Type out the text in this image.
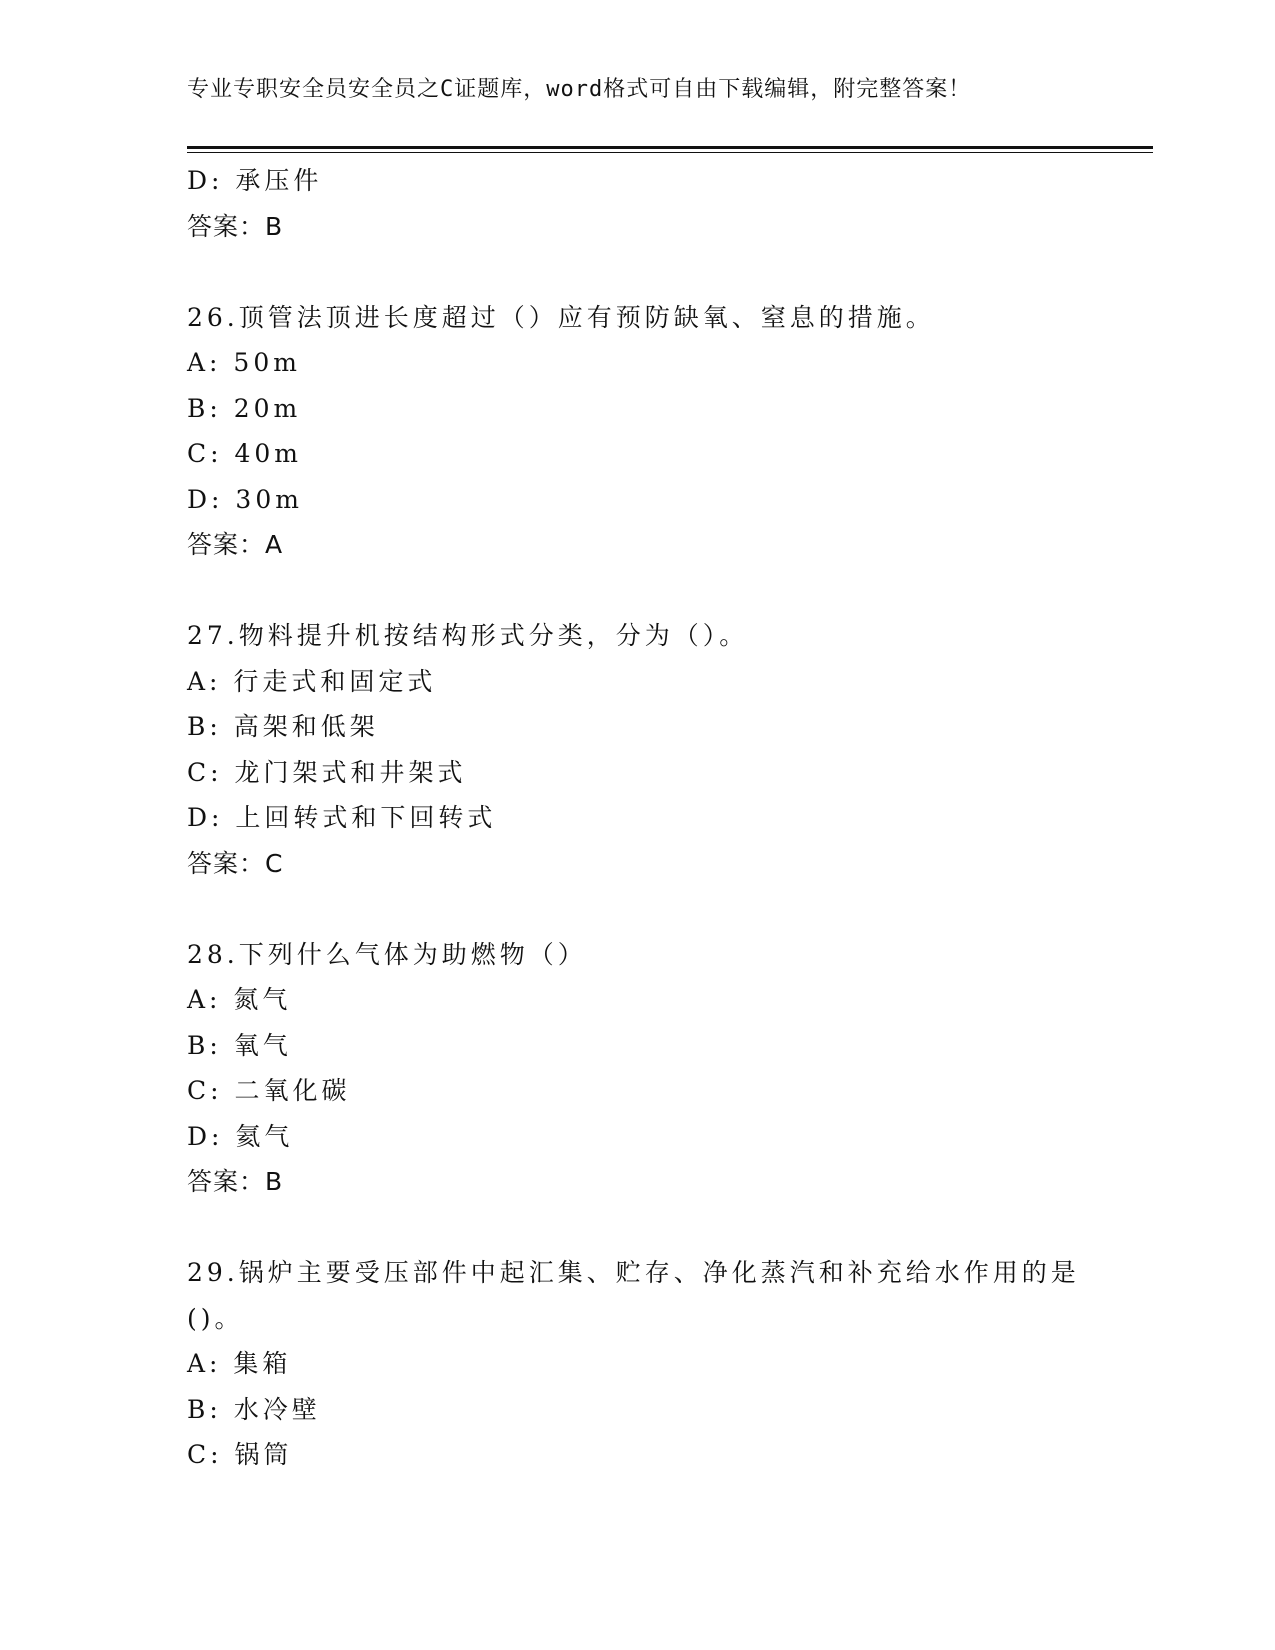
专业专职安全员安全员之C证题库，word格式可自由下载编辑，附完整答案！
D: 承压件
答案：B
26.顶管法顶进长度超过（）应有预防缺氧、窒息的措施。
A: 50m
B: 20m
C: 40m
D: 30m
答案：A
27.物料提升机按结构形式分类，分为（）。
A: 行走式和固定式
B: 高架和低架
C: 龙门架式和井架式
D: 上回转式和下回转式
答案：C
28.下列什么气体为助燃物（）
A: 氮气
B: 氧气
C: 二氧化碳
D: 氦气
答案：B
29.锅炉主要受压部件中起汇集、贮存、净化蒸汽和补充给水作用的是
()。
A: 集箱
B: 水冷壁
C: 锅筒
